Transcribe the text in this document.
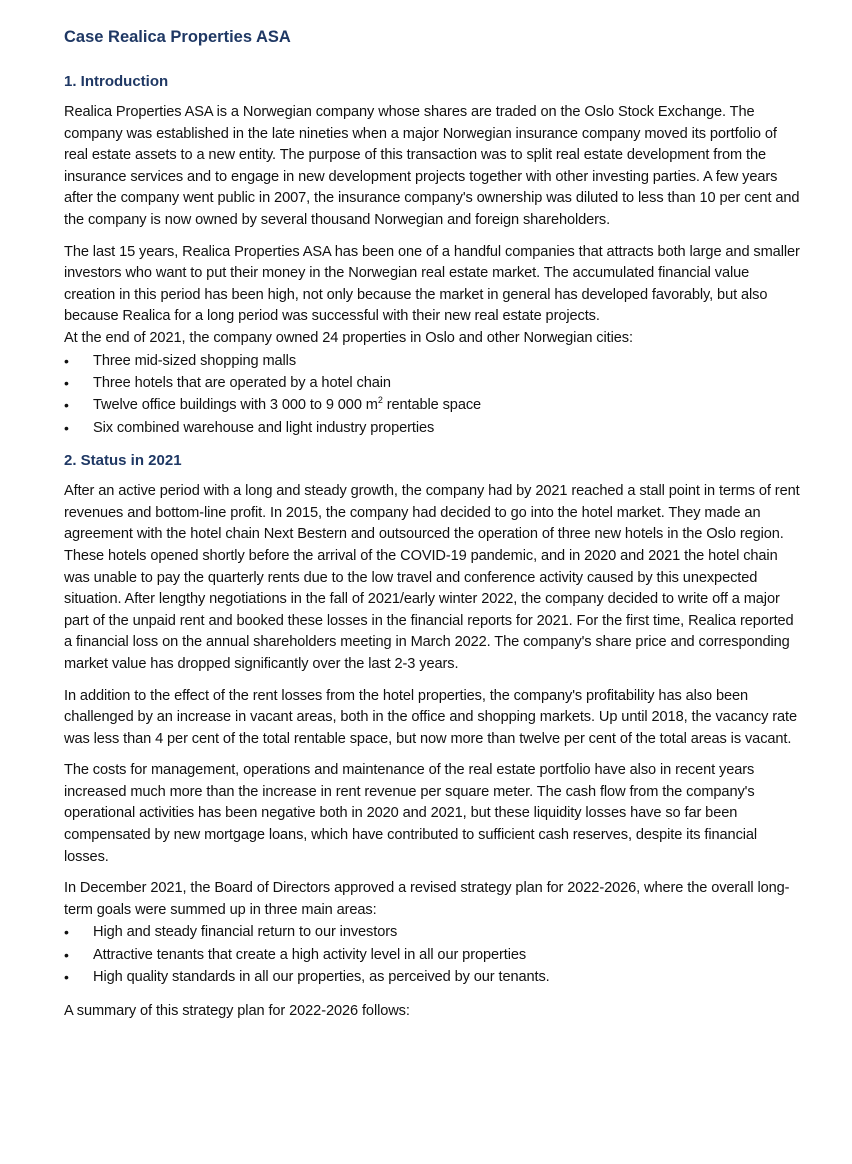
Case Realica Properties ASA
1. Introduction

Realica Properties ASA is a Norwegian company whose shares are traded on the Oslo Stock Exchange. The company was established in the late nineties when a major Norwegian insurance company moved its portfolio of real estate assets to a new entity. The purpose of this transaction was to split real estate development from the insurance services and to engage in new development projects together with other investing parties. A few years after the company went public in 2007, the insurance company's ownership was diluted to less than 10 per cent and the company is now owned by several thousand Norwegian and foreign shareholders.

The last 15 years, Realica Properties ASA has been one of a handful companies that attracts both large and smaller investors who want to put their money in the Norwegian real estate market. The accumulated financial value creation in this period has been high, not only because the market in general has developed favorably, but also because Realica for a long period was successful with their new real estate projects.

At the end of 2021, the company owned 24 properties in Oslo and other Norwegian cities:

• Three mid-sized shopping malls
• Three hotels that are operated by a hotel chain
• Twelve office buildings with 3 000 to 9 000 $m^2$ rentable space
• Six combined warehouse and light industry properties
2. Status in 2021

After an active period with a long and steady growth, the company had by 2021 reached a stall point in terms of rent revenues and bottom-line profit. In 2015, the company had decided to go into the hotel market. They made an agreement with the hotel chain Next Bestern and outsourced the operation of three new hotels in the Oslo region. These hotels opened shortly before the arrival of the COVID-19 pandemic, and in 2020 and 2021 the hotel chain was unable to pay the quarterly rents due to the low travel and conference activity caused by this unexpected situation. After lengthy negotiations in the fall of 2021/early winter 2022, the company decided to write off a major part of the unpaid rent and booked these losses in the financial reports for 2021. For the first time, Realica reported a financial loss on the annual shareholders meeting in March 2022. The company's share price and corresponding market value has dropped significantly over the last 2-3 years.

In addition to the effect of the rent losses from the hotel properties, the company's profitability has also been challenged by an increase in vacant areas, both in the office and shopping markets. Up until 2018, the vacancy rate was less than 4 per cent of the total rentable space, but now more than twelve per cent of the total areas is vacant.

The costs for management, operations and maintenance of the real estate portfolio have also in recent years increased much more than the increase in rent revenue per square meter. The cash flow from the company's operational activities has been negative both in 2020 and 2021, but these liquidity losses have so far been compensated by new mortgage loans, which have contributed to sufficient cash reserves, despite its financial losses.

In December 2021, the Board of Directors approved a revised strategy plan for 2022-2026, where the overall long-term goals were summed up in three main areas:

• High and steady financial return to our investors
• Attractive tenants that create a high activity level in all our properties
• High quality standards in all our properties, as perceived by our tenants.

A summary of this strategy plan for 2022-2026 follows:
